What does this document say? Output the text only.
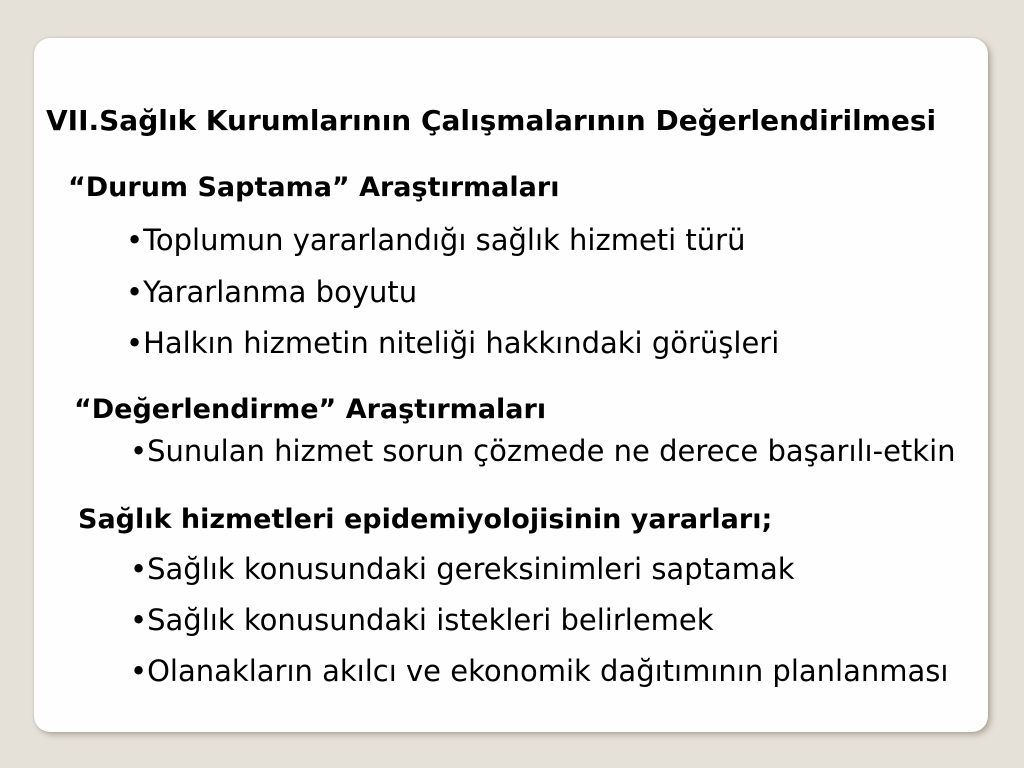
VII.Sağlık Kurumlarının Çalışmalarının Değerlendirilmesi
“Durum Saptama” Araştırmaları
•Toplumun yararlandığı sağlık hizmeti türü
•Yararlanma boyutu
•Halkın hizmetin niteliği hakkındaki görüşleri
“Değerlendirme” Araştırmaları
•Sunulan hizmet sorun çözmede ne derece başarılı-etkin
Sağlık hizmetleri epidemiyolojisinin yararları;
•Sağlık konusundaki gereksinimleri saptamak
•Sağlık konusundaki istekleri belirlemek
•Olanakların akılcı ve ekonomik dağıtımının planlanması
